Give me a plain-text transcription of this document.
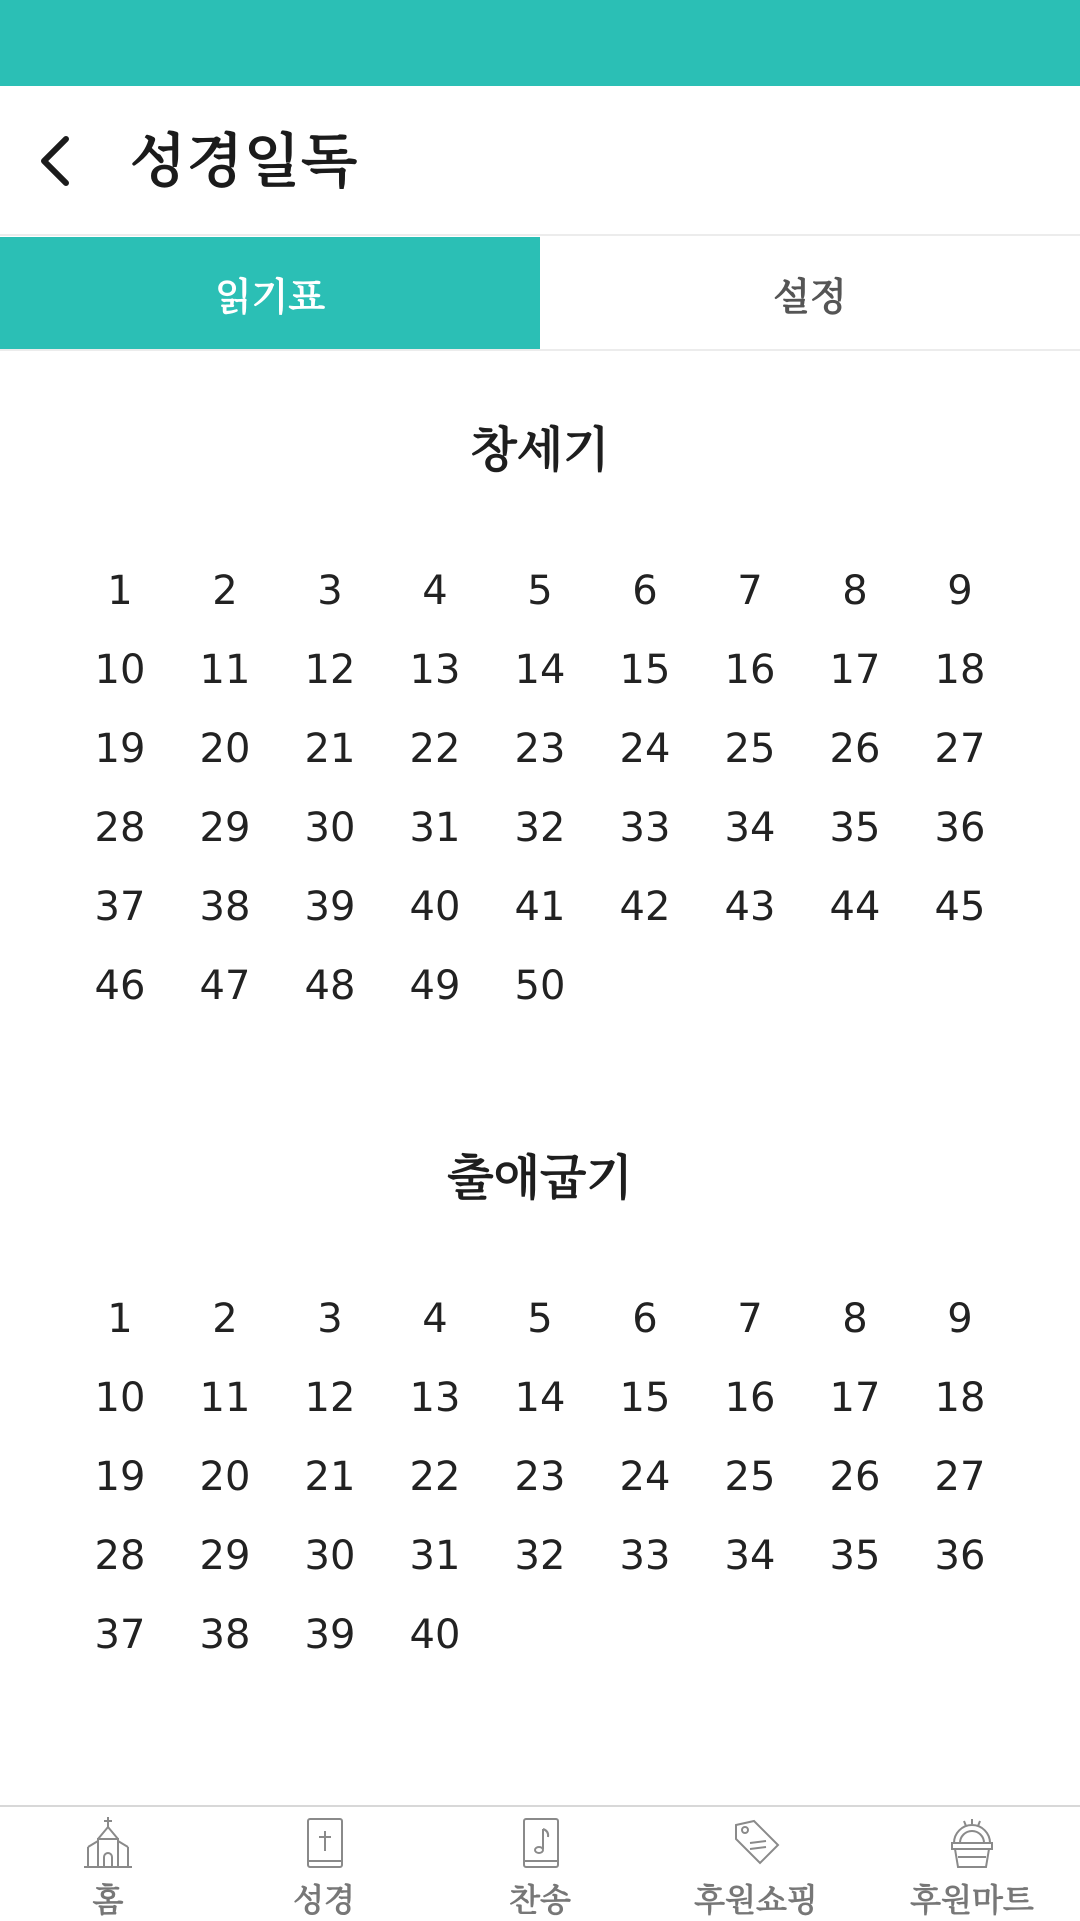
성경일독
읽기표	설정
창세기
1	2	3	4	5	6	7	8	9
10	11	12	13	14	15	16	17	18
19	20	21	22	23	24	25	26	27
28	29	30	31	32	33	34	35	36
37	38	39	40	41	42	43	44	45
46	47	48	49	50
출애굽기
1	2	3	4	5	6	7	8	9
10	11	12	13	14	15	16	17	18
19	20	21	22	23	24	25	26	27
28	29	30	31	32	33	34	35	36
37	38	39	40
홈	성경	찬송	후원쇼핑	후원마트
